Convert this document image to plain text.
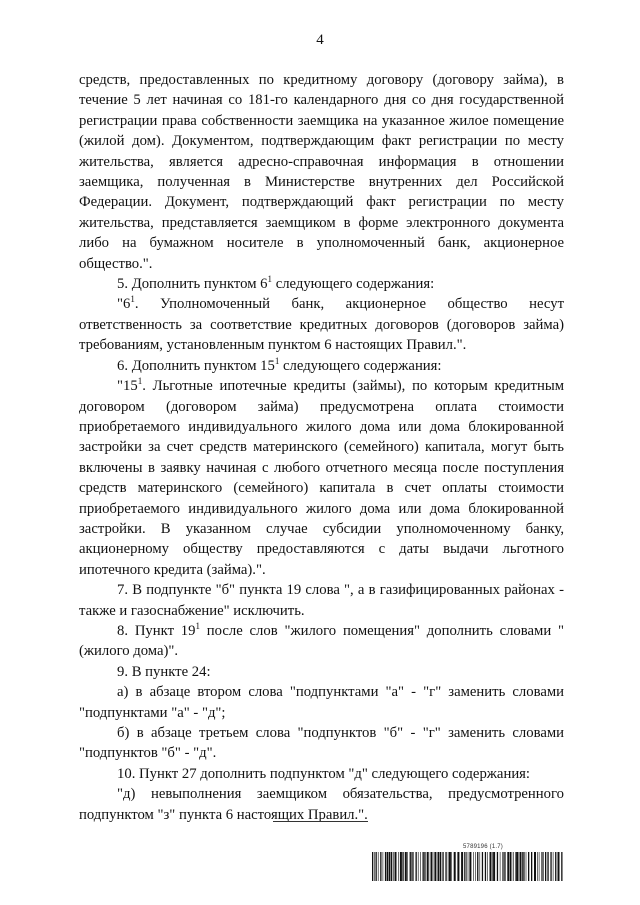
4

средств, предоставленных по кредитному договору (договору займа), в течение 5 лет начиная со 181-го календарного дня со дня государственной регистрации права собственности заемщика на указанное жилое помещение (жилой дом). Документом, подтверждающим факт регистрации по месту жительства, является адресно-справочная информация в отношении заемщика, полученная в Министерстве внутренних дел Российской Федерации. Документ, подтверждающий факт регистрации по месту жительства, представляется заемщиком в форме электронного документа либо на бумажном носителе в уполномоченный банк, акционерное общество.".

5. Дополнить пунктом $6^1$ следующего содержания:

"$6^1$. Уполномоченный банк, акционерное общество несут ответственность за соответствие кредитных договоров (договоров займа) требованиям, установленным пунктом 6 настоящих Правил.".

6. Дополнить пунктом $15^1$ следующего содержания:

"$15^1$. Льготные ипотечные кредиты (займы), по которым кредитным договором (договором займа) предусмотрена оплата стоимости приобретаемого индивидуального жилого дома или дома блокированной застройки за счет средств материнского (семейного) капитала, могут быть включены в заявку начиная с любого отчетного месяца после поступления средств материнского (семейного) капитала в счет оплаты стоимости приобретаемого индивидуального жилого дома или дома блокированной застройки. В указанном случае субсидии уполномоченному банку, акционерному обществу предоставляются с даты выдачи льготного ипотечного кредита (займа).".

7. В подпункте "б" пункта 19 слова ", а в газифицированных районах - также и газоснабжение" исключить.

8. Пункт $19^1$ после слов "жилого помещения" дополнить словами "(жилого дома)".

9. В пункте 24:

а) в абзаце втором слова "подпунктами "а" - "г" заменить словами "подпунктами "а" - "д";

б) в абзаце третьем слова "подпунктов "б" - "г" заменить словами "подпунктов "б" - "д".

10. Пункт 27 дополнить подпунктом "д" следующего содержания:

"д) невыполнения заемщиком обязательства, предусмотренного подпунктом "з" пункта 6 настоящих Правил.".

5789196 (1.7)
